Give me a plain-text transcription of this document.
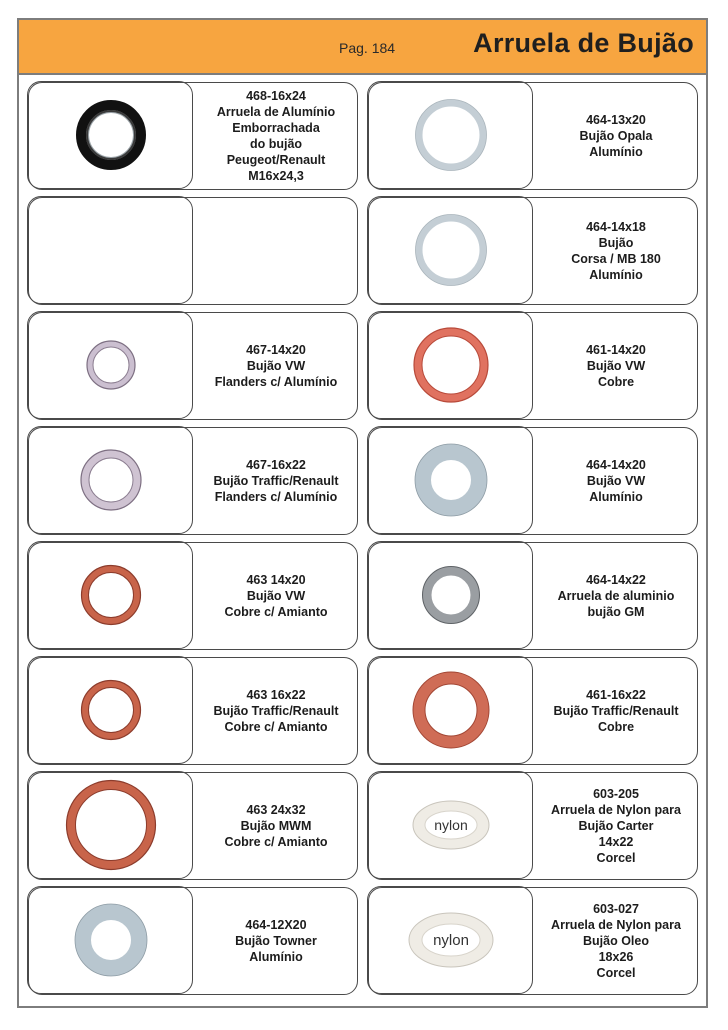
Pag. 184	Arruela de Bujão
468-16x24
Arruela de Alumínio
Emborrachada
do bujão
Peugeot/Renault
M16x24,3
464-13x20
Bujão Opala
Alumínio
464-14x18
Bujão
Corsa / MB 180
Alumínio
467-14x20
Bujão VW
Flanders c/ Alumínio
461-14x20
Bujão VW
Cobre
467-16x22
Bujão Traffic/Renault
Flanders c/ Alumínio
464-14x20
Bujão VW
Alumínio
463 14x20
Bujão VW
Cobre c/ Amianto
464-14x22
Arruela de aluminio
bujão GM
463 16x22
Bujão Traffic/Renault
Cobre c/ Amianto
461-16x22
Bujão Traffic/Renault
Cobre
463 24x32
Bujão MWM
Cobre c/ Amianto
nylon
603-205
Arruela de Nylon para
Bujão Carter
14x22
Corcel
464-12X20
Bujão Towner
Alumínio
nylon
603-027
Arruela de Nylon para
Bujão Oleo
18x26
Corcel
